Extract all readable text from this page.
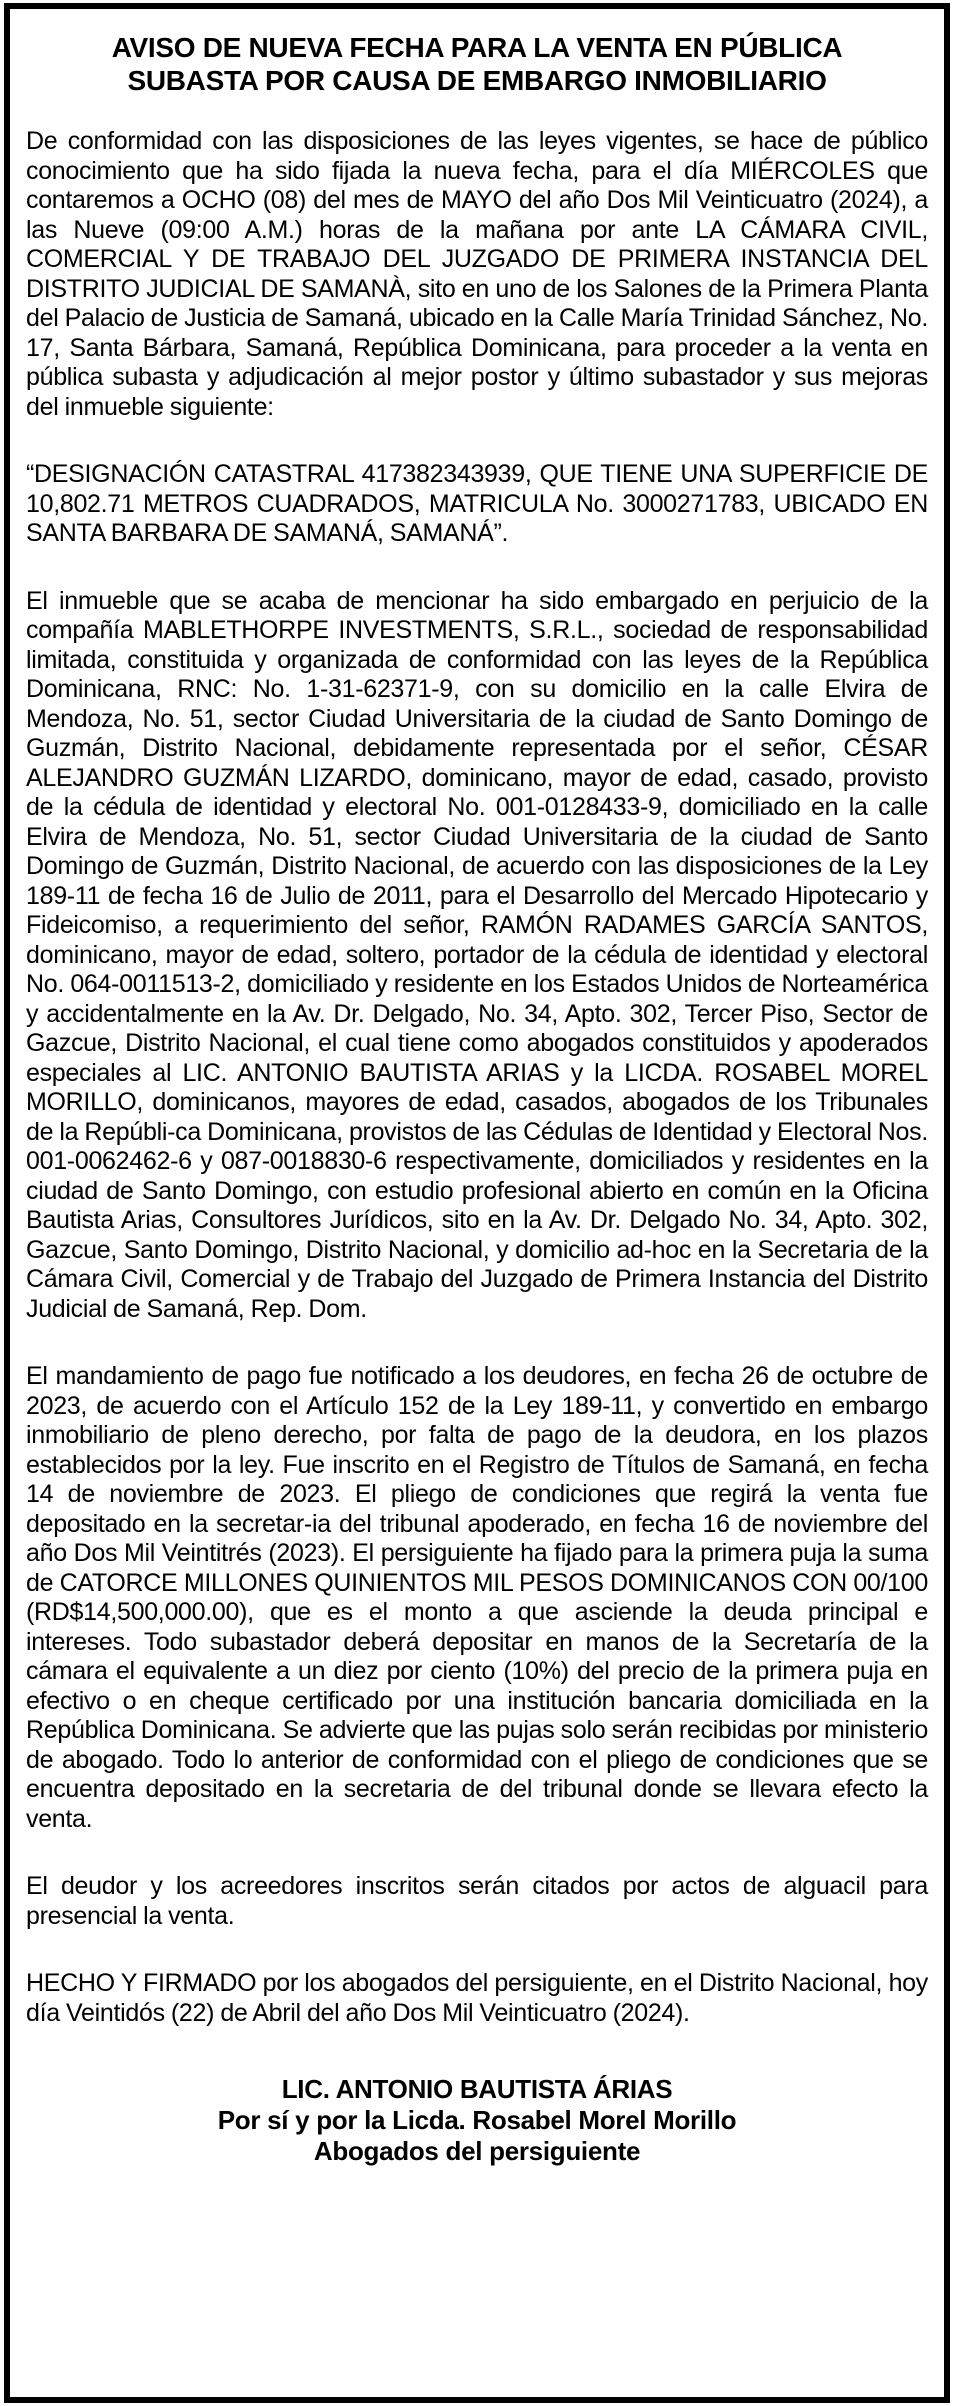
AVISO DE NUEVA FECHA PARA LA VENTA EN PÚBLICA SUBASTA POR CAUSA DE EMBARGO INMOBILIARIO

De conformidad con las disposiciones de las leyes vigentes, se hace de público conocimiento que ha sido fijada la nueva fecha, para el día MIÉRCOLES que contaremos a OCHO (08) del mes de MAYO del año Dos Mil Veinticuatro (2024), a las Nueve (09:00 A.M.) horas de la mañana por ante LA CÁMARA CIVIL, COMERCIAL Y DE TRABAJO DEL JUZGADO DE PRIMERA INSTANCIA DEL DISTRITO JUDICIAL DE SAMANÀ, sito en uno de los Salones de la Primera Planta del Palacio de Justicia de Samaná, ubicado en la Calle María Trinidad Sánchez, No. 17, Santa Bárbara, Samaná, República Dominicana, para proceder a la venta en pública subasta y adjudicación al mejor postor y último subastador y sus mejoras del inmueble siguiente:

“DESIGNACIÓN CATASTRAL 417382343939, QUE TIENE UNA SUPERFICIE DE 10,802.71 METROS CUADRADOS, MATRICULA No. 3000271783, UBICADO EN SANTA BARBARA DE SAMANÁ, SAMANÁ”.

El inmueble que se acaba de mencionar ha sido embargado en perjuicio de la compañía MABLETHORPE INVESTMENTS, S.R.L., sociedad de responsabilidad limitada, constituida y organizada de conformidad con las leyes de la República Dominicana, RNC: No. 1-31-62371-9, con su domicilio en la calle Elvira de Mendoza, No. 51, sector Ciudad Universitaria de la ciudad de Santo Domingo de Guzmán, Distrito Nacional, debidamente representada por el señor, CÉSAR ALEJANDRO GUZMÁN LIZARDO, dominicano, mayor de edad, casado, provisto de la cédula de identidad y electoral No. 001-0128433-9, domiciliado en la calle Elvira de Mendoza, No. 51, sector Ciudad Universitaria de la ciudad de Santo Domingo de Guzmán, Distrito Nacional, de acuerdo con las disposiciones de la Ley 189-11 de fecha 16 de Julio de 2011, para el Desarrollo del Mercado Hipotecario y Fideicomiso, a requerimiento del señor, RAMÓN RADAMES GARCÍA SANTOS, dominicano, mayor de edad, soltero, portador de la cédula de identidad y electoral No. 064-0011513-2, domiciliado y residente en los Estados Unidos de Norteamérica y accidentalmente en la Av. Dr. Delgado, No. 34, Apto. 302, Tercer Piso, Sector de Gazcue, Distrito Nacional, el cual tiene como abogados constituidos y apoderados especiales al LIC. ANTONIO BAUTISTA ARIAS y la LICDA. ROSABEL MOREL MORILLO, dominicanos, mayores de edad, casados, abogados de los Tribunales de la Repúbli-ca Dominicana, provistos de las Cédulas de Identidad y Electoral Nos. 001-0062462-6 y 087-0018830-6 respectivamente, domiciliados y residentes en la ciudad de Santo Domingo, con estudio profesional abierto en común en la Oficina Bautista Arias, Consultores Jurídicos, sito en la Av. Dr. Delgado No. 34, Apto. 302, Gazcue, Santo Domingo, Distrito Nacional, y domicilio ad-hoc en la Secretaria de la Cámara Civil, Comercial y de Trabajo del Juzgado de Primera Instancia del Distrito Judicial de Samaná, Rep. Dom.

El mandamiento de pago fue notificado a los deudores, en fecha 26 de octubre de 2023, de acuerdo con el Artículo 152 de la Ley 189-11, y convertido en embargo inmobiliario de pleno derecho, por falta de pago de la deudora, en los plazos establecidos por la ley. Fue inscrito en el Registro de Títulos de Samaná, en fecha 14 de noviembre de 2023. El pliego de condiciones que regirá la venta fue depositado en la secretar-ia del tribunal apoderado, en fecha 16 de noviembre del año Dos Mil Veintitrés (2023). El persiguiente ha fijado para la primera puja la suma de CATORCE MILLONES QUINIENTOS MIL PESOS DOMINICANOS CON 00/100 (RD$14,500,000.00), que es el monto a que asciende la deuda principal e intereses. Todo subastador deberá depositar en manos de la Secretaría de la cámara el equivalente a un diez por ciento (10%) del precio de la primera puja en efectivo o en cheque certificado por una institución bancaria domiciliada en la República Dominicana. Se advierte que las pujas solo serán recibidas por ministerio de abogado. Todo lo anterior de conformidad con el pliego de condiciones que se encuentra depositado en la secretaria de del tribunal donde se llevara efecto la venta.

El deudor y los acreedores inscritos serán citados por actos de alguacil para presencial la venta.

HECHO Y FIRMADO por los abogados del persiguiente, en el Distrito Nacional, hoy día Veintidós (22) de Abril del año Dos Mil Veinticuatro (2024).

LIC. ANTONIO BAUTISTA ÁRIAS
Por sí y por la Licda. Rosabel Morel Morillo
Abogados del persiguiente
